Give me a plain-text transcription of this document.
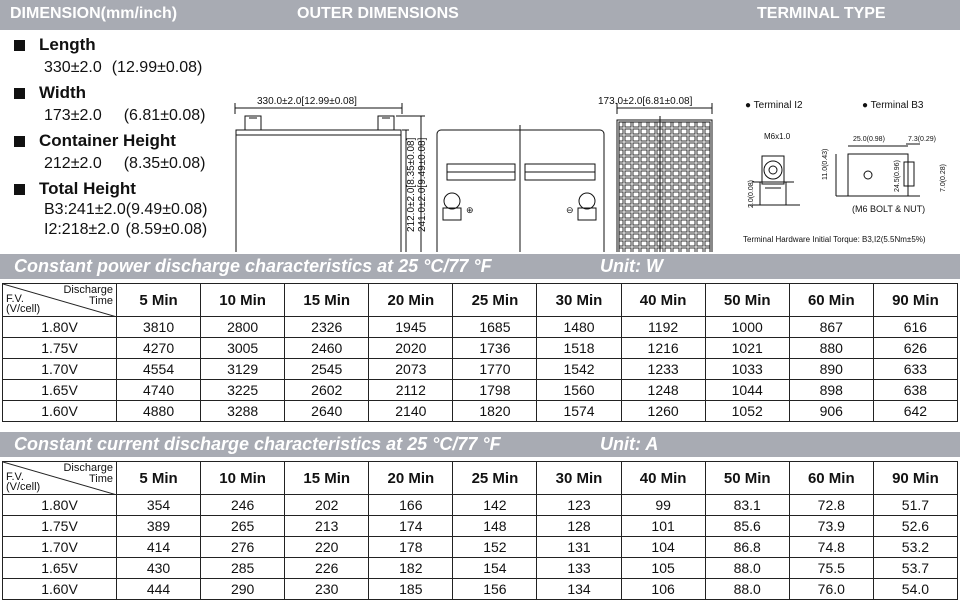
DIMENSION(mm/inch)	OUTER DIMENSIONS	TERMINAL TYPE
Length
330±2.0 (12.99±0.08)
Width
173±2.0 (6.81±0.08)
Container Height
212±2.0 (8.35±0.08)
Total Height
B3:241±2.0(9.49±0.08)
I2:218±2.0 (8.59±0.08)
⊕	⊖
330.0±2.0[12.99±0.08]	173.0±2.0[6.81±0.08]
212.0±2.0[8.35±0.08] 241.0±2.0[9.49±0.08]
● Terminal I2	● Terminal B3
M6x1.0	25.0(0.98)	7.3(0.29)
11.0(0.43)
2.0(0.08)
24.5(0.96)	7.0(0.28)
(M6 BOLT & NUT)
Terminal Hardware Initial Torque: B3,I2(5.5Nm±5%)
Constant power discharge characteristics at 25 °C/77 °F	Unit: W
Discharge
Time
F.V.
(V/cell)	5 Min	10 Min	15 Min	20 Min	25 Min	30 Min	40 Min	50 Min	60 Min	90 Min
1.80V	3810	2800	2326	1945	1685	1480	1192	1000	867	616
1.75V	4270	3005	2460	2020	1736	1518	1216	1021	880	626
1.70V	4554	3129	2545	2073	1770	1542	1233	1033	890	633
1.65V	4740	3225	2602	2112	1798	1560	1248	1044	898	638
1.60V	4880	3288	2640	2140	1820	1574	1260	1052	906	642
Constant current discharge characteristics at 25 °C/77 °F	Unit: A
Discharge
Time
F.V.
(V/cell)	5 Min	10 Min	15 Min	20 Min	25 Min	30 Min	40 Min	50 Min	60 Min	90 Min
1.80V	354	246	202	166	142	123	99	83.1	72.8	51.7
1.75V	389	265	213	174	148	128	101	85.6	73.9	52.6
1.70V	414	276	220	178	152	131	104	86.8	74.8	53.2
1.65V	430	285	226	182	154	133	105	88.0	75.5	53.7
1.60V	444	290	230	185	156	134	106	88.0	76.0	54.0
